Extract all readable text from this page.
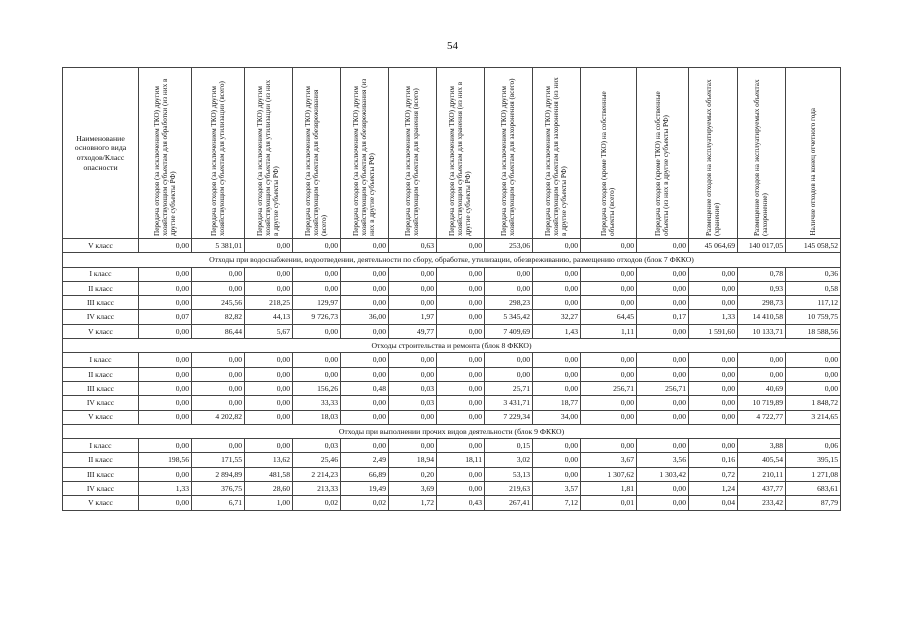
54
Наименование основного вида отходов/Класс опасности	Передача отходов (за исключением ТКО) другим хозяйствующим субъектам для обработки (из них в другие субъекты РФ)	Передача отходов (за исключением ТКО) другим хозяйствующим субъектам для утилизации (всего)	Передача отходов (за исключением ТКО) другим хозяйствующим субъектам для утилизации (из них в другие субъекты РФ)	Передача отходов (за исключением ТКО) другим хозяйствующим субъектам для обезвреживания (всего)	Передача отходов (за исключением ТКО) другим хозяйствующим субъектам для обезвреживания (из них в другие субъекты РФ)	Передача отходов (за исключением ТКО) другим хозяйствующим субъектам для хранения (всего)	Передача отходов (за исключением ТКО) другим хозяйствующим субъектам для хранения (из них в другие субъекты РФ)	Передача отходов (за исключением ТКО) другим хозяйствующим субъектам для захоронения (всего)	Передача отходов (за исключением ТКО) другим хозяйствующим субъектам для захоронения (из них в другие субъекты РФ)	Передача отходов (кроме ТКО) на собственные объекты (всего)	Передача отходов (кроме ТКО) на собственные объекты (из них в другие субъекты РФ)	Размещение отходов на эксплуатируемых объектах (хранение)	Размещение отходов на эксплуатируемых объектах (захоронение)	Наличие отходов на конец отчетного года

V класс	0,00	5 381,01	0,00	0,00	0,00	0,63	0,00	253,06	0,00	0,00	0,00	45 064,69	140 017,05	145 058,52
Отходы при водоснабжении, водоотведении, деятельности по сбору, обработке, утилизации, обезвреживанию, размещению отходов (блок 7 ФККО)														
I класс	0,00	0,00	0,00	0,00	0,00	0,00	0,00	0,00	0,00	0,00	0,00	0,00	0,78	0,36
II класс	0,00	0,00	0,00	0,00	0,00	0,00	0,00	0,00	0,00	0,00	0,00	0,00	0,93	0,58
III класс	0,00	245,56	218,25	129,97	0,00	0,00	0,00	298,23	0,00	0,00	0,00	0,00	298,73	117,12
IV класс	0,07	82,82	44,13	9 726,73	36,00	1,97	0,00	5 345,42	32,27	64,45	0,17	1,33	14 410,58	10 759,75
V класс	0,00	86,44	5,67	0,00	0,00	49,77	0,00	7 409,69	1,43	1,11	0,00	1 591,60	10 133,71	18 588,56
Отходы строительства и ремонта (блок 8 ФККО)														
I класс	0,00	0,00	0,00	0,00	0,00	0,00	0,00	0,00	0,00	0,00	0,00	0,00	0,00	0,00
II класс	0,00	0,00	0,00	0,00	0,00	0,00	0,00	0,00	0,00	0,00	0,00	0,00	0,00	0,00
III класс	0,00	0,00	0,00	156,26	0,48	0,03	0,00	25,71	0,00	256,71	256,71	0,00	40,69	0,00
IV класс	0,00	0,00	0,00	33,33	0,00	0,03	0,00	3 431,71	18,77	0,00	0,00	0,00	10 719,89	1 848,72
V класс	0,00	4 202,82	0,00	18,03	0,00	0,00	0,00	7 229,34	34,00	0,00	0,00	0,00	4 722,77	3 214,65
Отходы при выполнении прочих видов деятельности (блок 9 ФККО)														
I класс	0,00	0,00	0,00	0,03	0,00	0,00	0,00	0,15	0,00	0,00	0,00	0,00	3,88	0,06
II класс	198,56	171,55	13,62	25,46	2,49	18,94	18,11	3,02	0,00	3,67	3,56	0,16	405,54	395,15
III класс	0,00	2 894,89	481,58	2 214,23	66,89	0,20	0,00	53,13	0,00	1 307,62	1 303,42	0,72	210,11	1 271,08
IV класс	1,33	376,75	28,60	213,33	19,49	3,69	0,00	219,63	3,57	1,81	0,00	1,24	437,77	683,61
V класс	0,00	6,71	1,00	0,02	0,02	1,72	0,43	267,41	7,12	0,01	0,00	0,04	233,42	87,79
